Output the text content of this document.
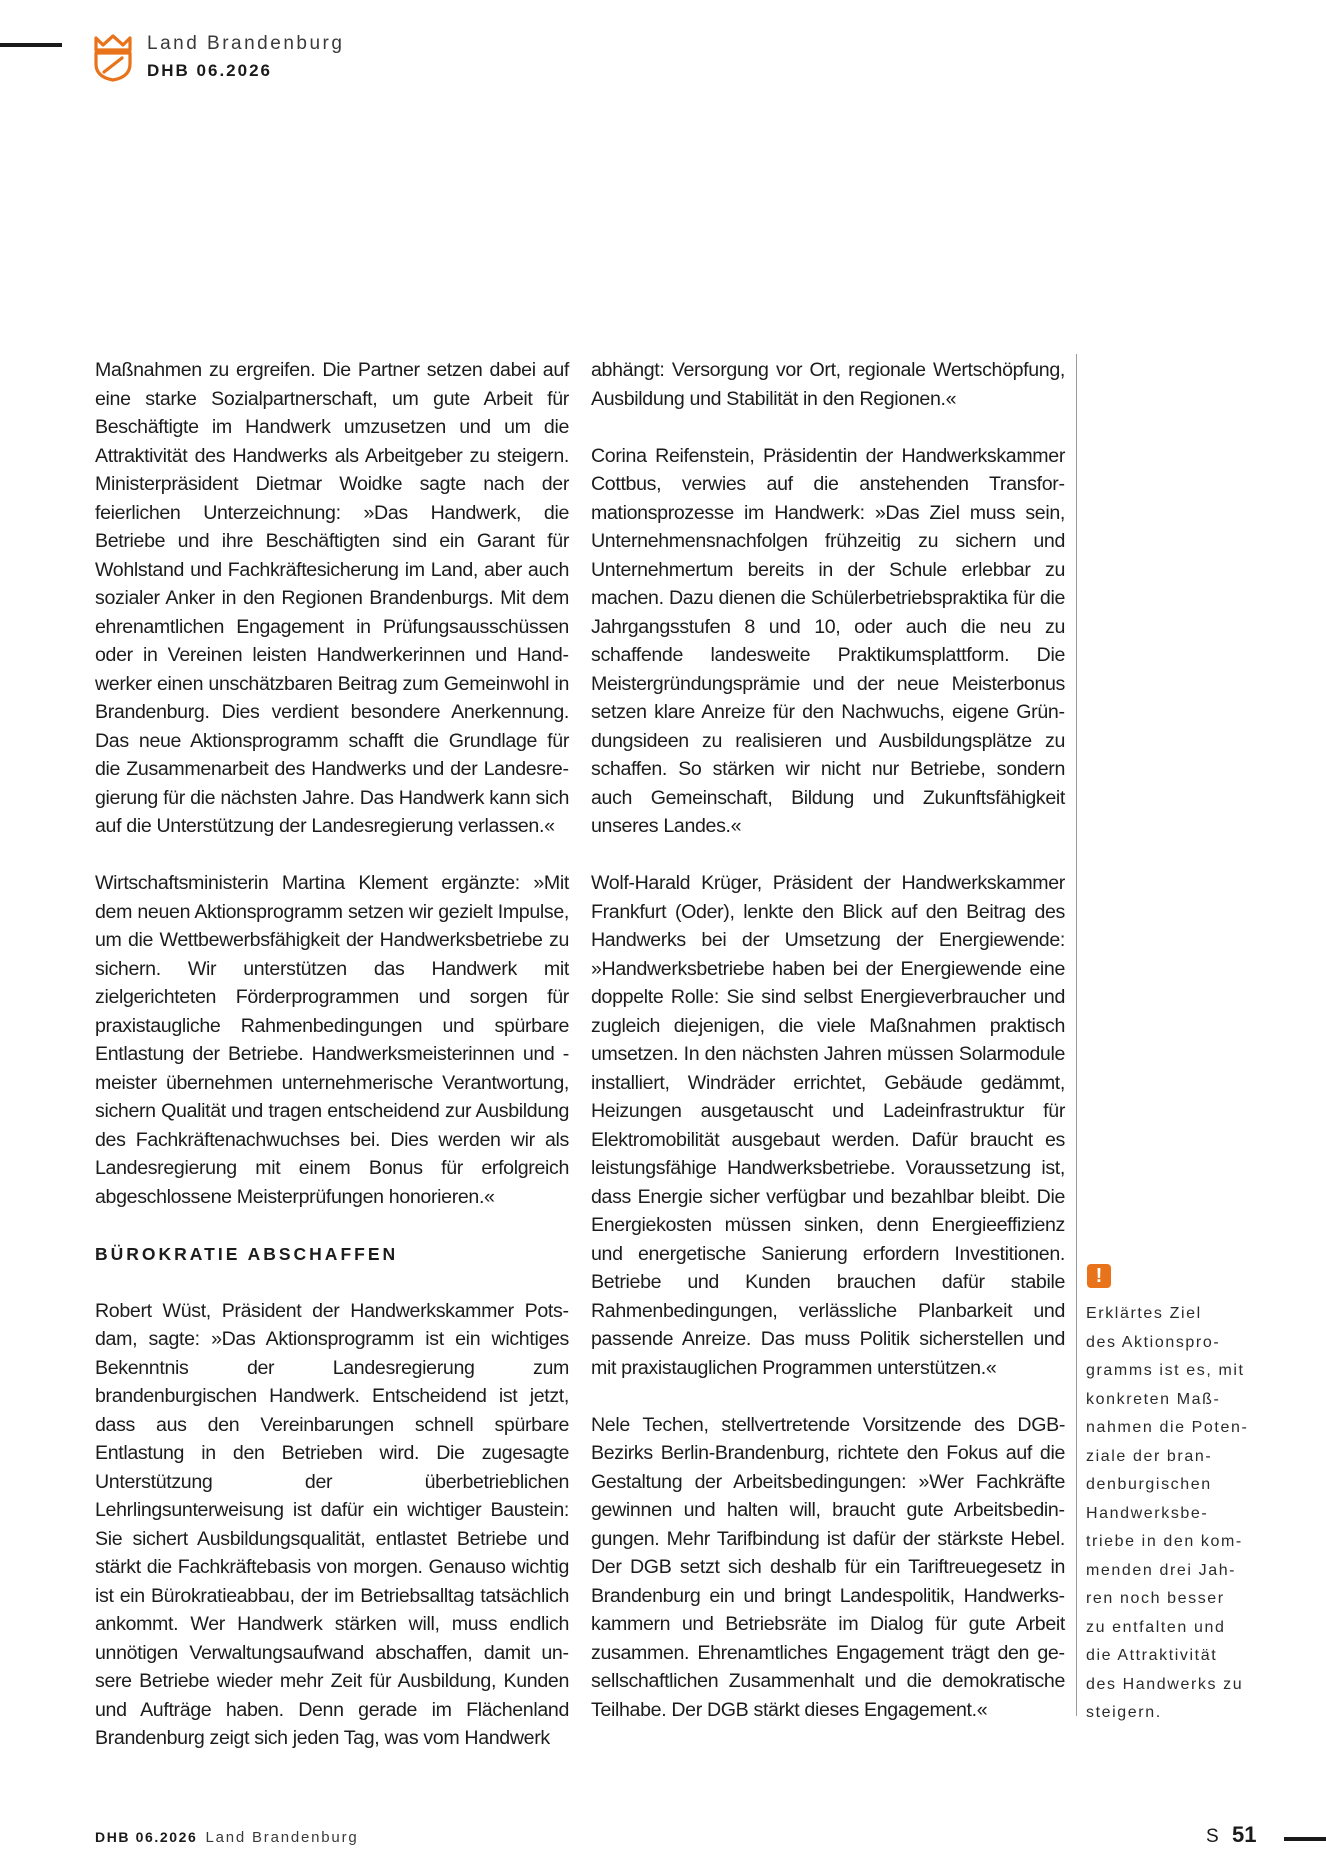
Land Brandenburg
DHB 06.2026

Maßnahmen zu ergreifen. Die Partner setzen dabei auf eine starke Sozialpartnerschaft, um gute Arbeit für Beschäftigte im Handwerk umzusetzen und um die Attraktivität des Handwerks als Arbeitgeber zu steigern. Ministerpräsident Dietmar Woidke sagte nach der feierlichen Unterzeichnung: »Das Handwerk, die Betriebe und ihre Beschäftigten sind ein Garant für Wohlstand und Fachkräftesicherung im Land, aber auch sozialer Anker in den Regionen Brandenburgs. Mit dem ehrenamtlichen Engagement in Prüfungsausschüssen oder in Vereinen leisten Handwerkerinnen und Handwerker einen unschätzbaren Beitrag zum Gemeinwohl in Brandenburg. Dies verdient besondere Anerkennung. Das neue Aktionsprogramm schafft die Grundlage für die Zusammenarbeit des Handwerks und der Landesregierung für die nächsten Jahre. Das Handwerk kann sich auf die Unterstützung der Landesregierung verlassen.«

Wirtschaftsministerin Martina Klement ergänzte: »Mit dem neuen Aktionsprogramm setzen wir gezielt Impulse, um die Wettbewerbsfähigkeit der Handwerksbetriebe zu sichern. Wir unterstützen das Handwerk mit zielgerichteten Förderprogrammen und sorgen für praxistaugliche Rahmenbedingungen und spürbare Entlastung der Betriebe. Handwerksmeisterinnen und -meister übernehmen unternehmerische Verantwortung, sichern Qualität und tragen entscheidend zur Ausbildung des Fachkräftenachwuchses bei. Dies werden wir als Landesregierung mit einem Bonus für erfolgreich abgeschlossene Meisterprüfungen honorieren.«

BÜROKRATIE ABSCHAFFEN

Robert Wüst, Präsident der Handwerkskammer Potsdam, sagte: »Das Aktionsprogramm ist ein wichtiges Bekenntnis der Landesregierung zum brandenburgischen Handwerk. Entscheidend ist jetzt, dass aus den Vereinbarungen schnell spürbare Entlastung in den Betrieben wird. Die zugesagte Unterstützung der überbetrieblichen Lehrlingsunterweisung ist dafür ein wichtiger Baustein: Sie sichert Ausbildungsqualität, entlastet Betriebe und stärkt die Fachkräftebasis von morgen. Genauso wichtig ist ein Bürokratieabbau, der im Betriebsalltag tatsächlich ankommt. Wer Handwerk stärken will, muss endlich unnötigen Verwaltungsaufwand abschaffen, damit unsere Betriebe wieder mehr Zeit für Ausbildung, Kunden und Aufträge haben. Denn gerade im Flächenland Brandenburg zeigt sich jeden Tag, was vom Handwerk

abhängt: Versorgung vor Ort, regionale Wertschöpfung, Ausbildung und Stabilität in den Regionen.«

Corina Reifenstein, Präsidentin der Handwerkskammer Cottbus, verwies auf die anstehenden Transformationsprozesse im Handwerk: »Das Ziel muss sein, Unternehmensnachfolgen frühzeitig zu sichern und Unternehmertum bereits in der Schule erlebbar zu machen. Dazu dienen die Schülerbetriebspraktika für die Jahrgangsstufen 8 und 10, oder auch die neu zu schaffende landesweite Praktikumsplattform. Die Meistergründungsprämie und der neue Meisterbonus setzen klare Anreize für den Nachwuchs, eigene Gründungsideen zu realisieren und Ausbildungsplätze zu schaffen. So stärken wir nicht nur Betriebe, sondern auch Gemeinschaft, Bildung und Zukunftsfähigkeit unseres Landes.«

Wolf-Harald Krüger, Präsident der Handwerkskammer Frankfurt (Oder), lenkte den Blick auf den Beitrag des Handwerks bei der Umsetzung der Energiewende: »Handwerksbetriebe haben bei der Energiewende eine doppelte Rolle: Sie sind selbst Energieverbraucher und zugleich diejenigen, die viele Maßnahmen praktisch umsetzen. In den nächsten Jahren müssen Solarmodule installiert, Windräder errichtet, Gebäude gedämmt, Heizungen ausgetauscht und Ladeinfrastruktur für Elektromobilität ausgebaut werden. Dafür braucht es leistungsfähige Handwerksbetriebe. Voraussetzung ist, dass Energie sicher verfügbar und bezahlbar bleibt. Die Energiekosten müssen sinken, denn Energieeffizienz und energetische Sanierung erfordern Investitionen. Betriebe und Kunden brauchen dafür stabile Rahmenbedingungen, verlässliche Planbarkeit und passende Anreize. Das muss Politik sicherstellen und mit praxistauglichen Programmen unterstützen.«

Nele Techen, stellvertretende Vorsitzende des DGB-Bezirks Berlin-Brandenburg, richtete den Fokus auf die Gestaltung der Arbeitsbedingungen: »Wer Fachkräfte gewinnen und halten will, braucht gute Arbeitsbedingungen. Mehr Tarifbindung ist dafür der stärkste Hebel. Der DGB setzt sich deshalb für ein Tariftreuegesetz in Brandenburg ein und bringt Landespolitik, Handwerkskammern und Betriebsräte im Dialog für gute Arbeit zusammen. Ehrenamtliches Engagement trägt den gesellschaftlichen Zusammenhalt und die demokratische Teilhabe. Der DGB stärkt dieses Engagement.«

!
Erklärtes Ziel
des Aktionspro-
gramms ist es, mit
konkreten Maß-
nahmen die Poten-
ziale der bran-
denburgischen
Handwerksbe-
triebe in den kom-
menden drei Jah-
ren noch besser
zu entfalten und
die Attraktivität
des Handwerks zu
steigern.
DHB 06.2026 Land Brandenburg	S 51
